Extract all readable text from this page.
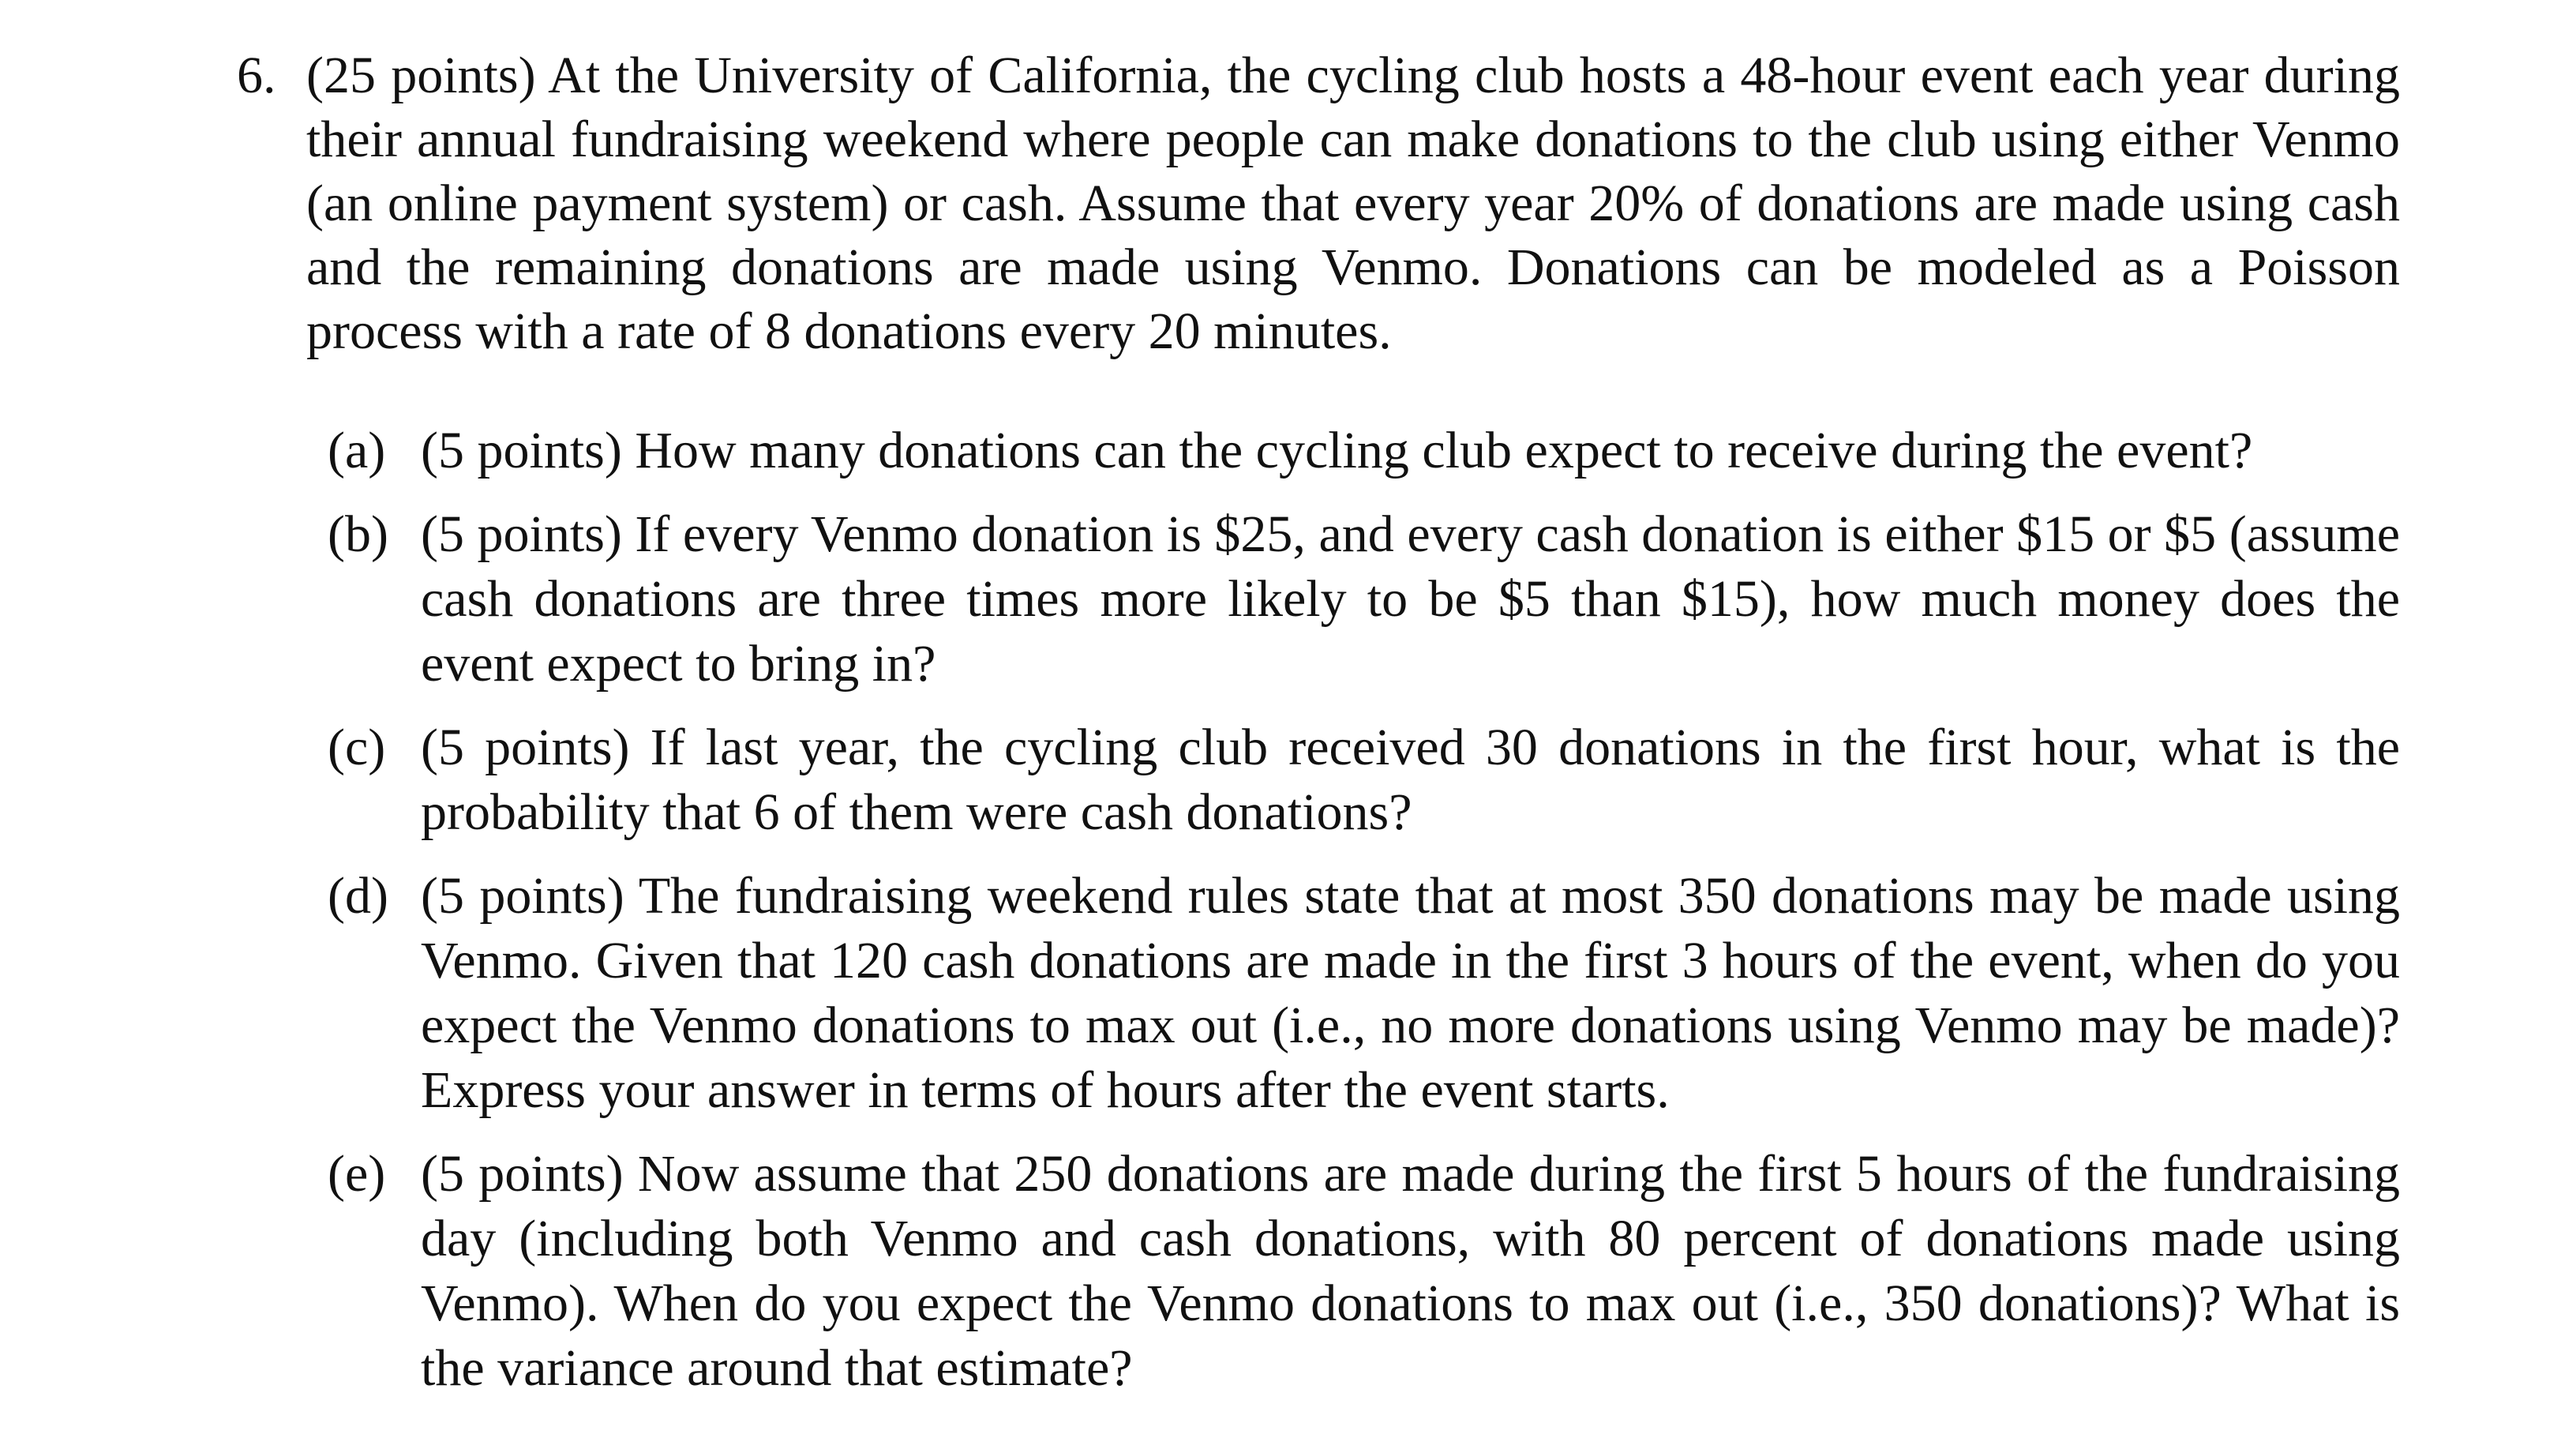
6. (25 points) At the University of California, the cycling club hosts a 48-hour event each year during their annual fundraising weekend where people can make donations to the club using either Venmo (an online payment system) or cash. Assume that every year 20% of donations are made using cash and the remaining donations are made using Venmo. Donations can be modeled as a Poisson process with a rate of 8 donations every 20 minutes.
(a) (5 points) How many donations can the cycling club expect to receive during the event?
(b) (5 points) If every Venmo donation is $25, and every cash donation is either $15 or $5 (assume cash donations are three times more likely to be $5 than $15), how much money does the event expect to bring in?
(c) (5 points) If last year, the cycling club received 30 donations in the first hour, what is the probability that 6 of them were cash donations?
(d) (5 points) The fundraising weekend rules state that at most 350 donations may be made using Venmo. Given that 120 cash donations are made in the first 3 hours of the event, when do you expect the Venmo donations to max out (i.e., no more donations using Venmo may be made)? Express your answer in terms of hours after the event starts.
(e) (5 points) Now assume that 250 donations are made during the first 5 hours of the fundraising day (including both Venmo and cash donations, with 80 percent of donations made using Venmo). When do you expect the Venmo donations to max out (i.e., 350 donations)? What is the variance around that estimate?
